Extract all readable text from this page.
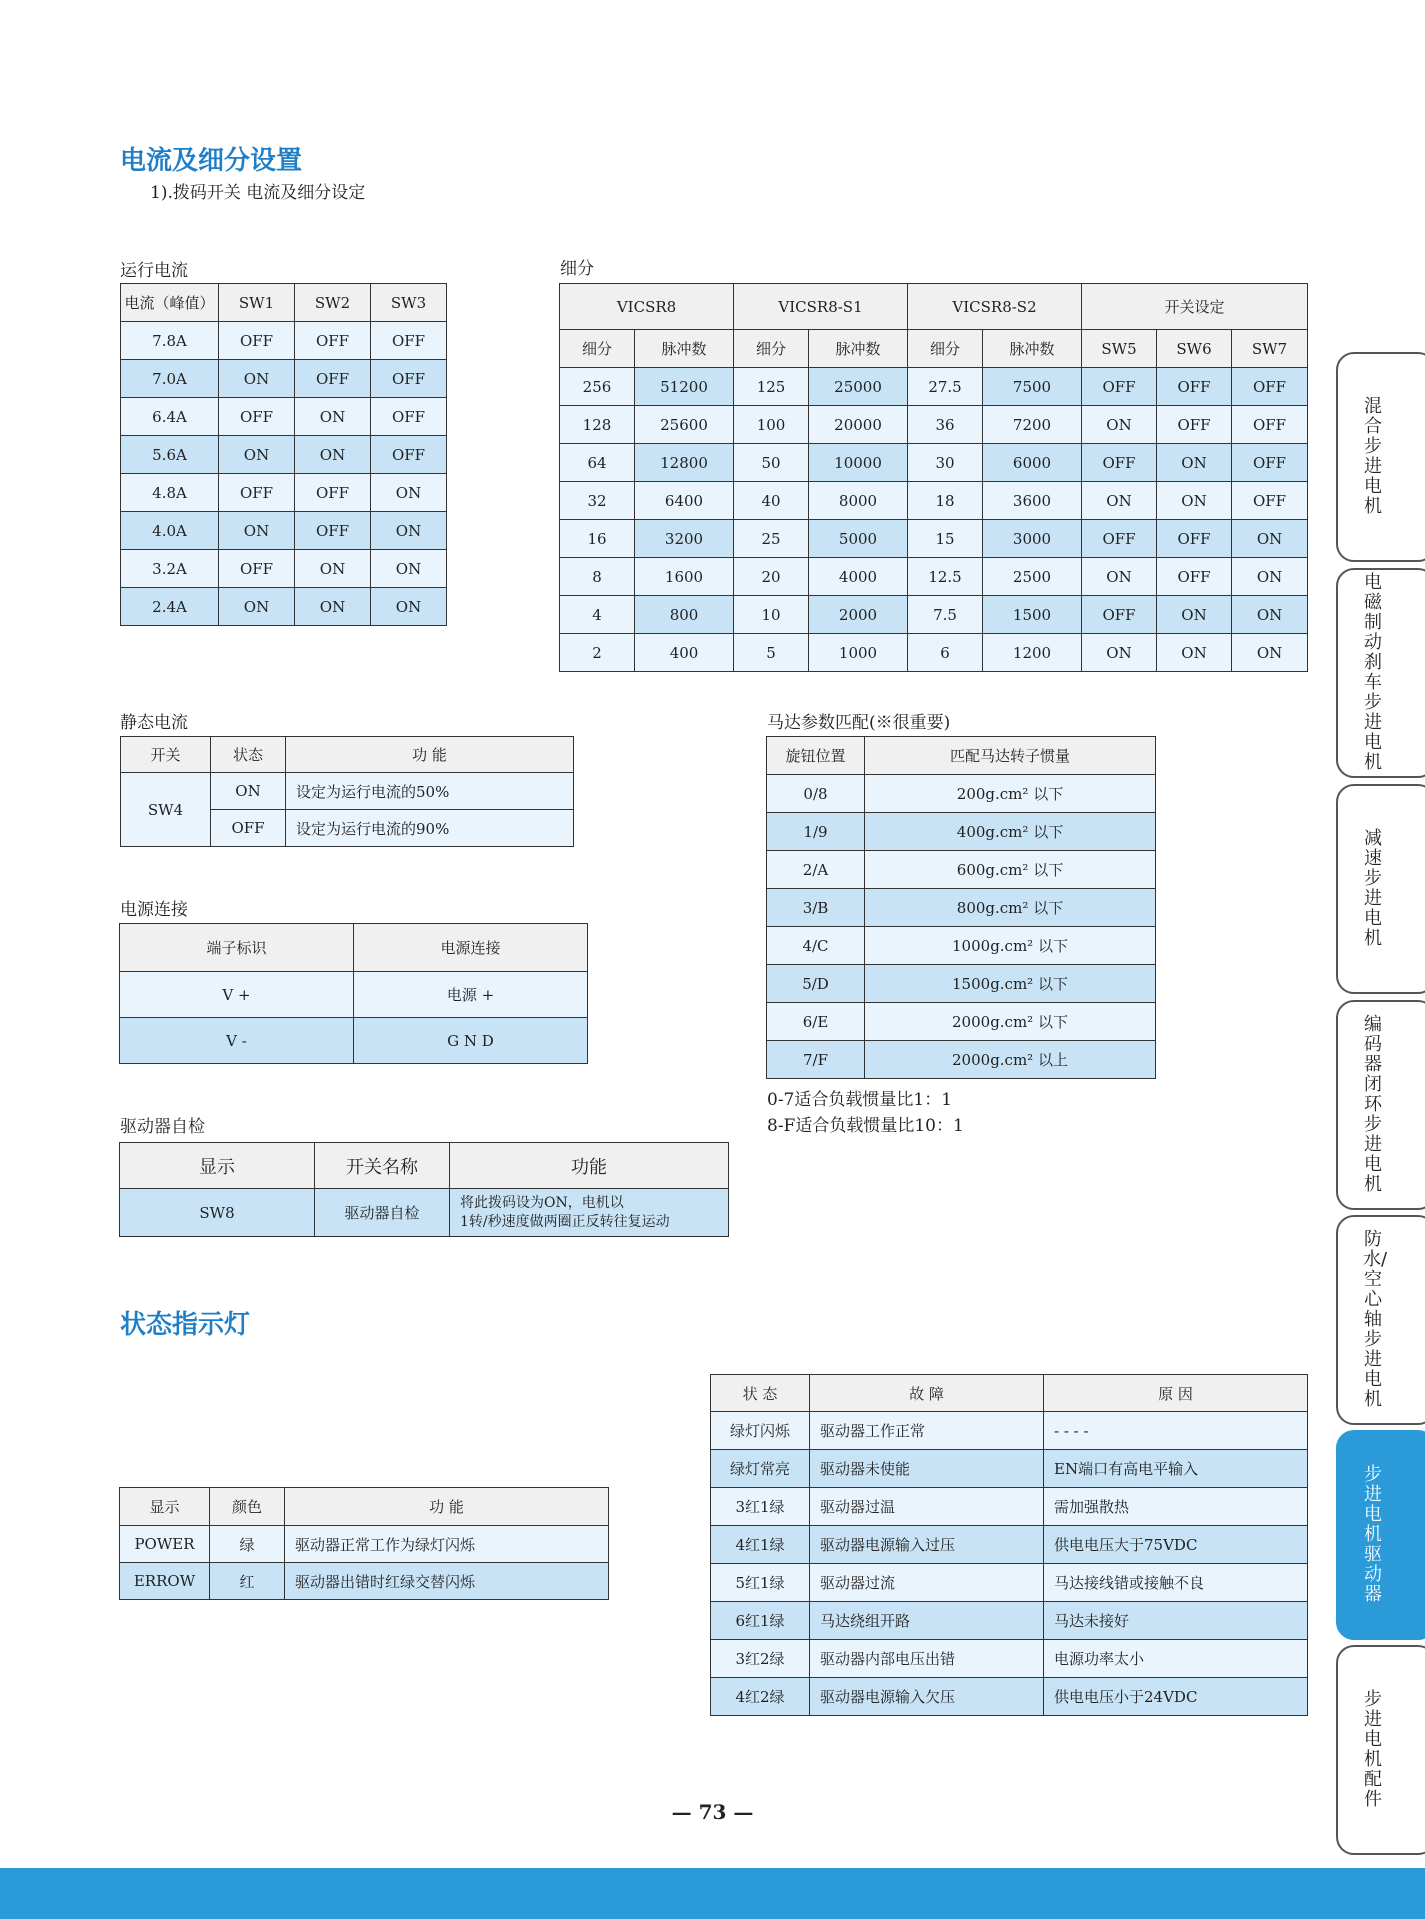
电流及细分设置
1).拨码开关 电流及细分设定
运行电流
电流（峰值）	SW1	SW2	SW3
7.8A	OFF	OFF	OFF
7.0A	ON	OFF	OFF
6.4A	OFF	ON	OFF
5.6A	ON	ON	OFF
4.8A	OFF	OFF	ON
4.0A	ON	OFF	ON
3.2A	OFF	ON	ON
2.4A	ON	ON	ON
细分
VICSR8		VICSR8-S1		VICSR8-S2		开关设定		
细分	脉冲数	细分	脉冲数	细分	脉冲数	SW5	SW6	SW7
256	51200	125	25000	27.5	7500	OFF	OFF	OFF
128	25600	100	20000	36	7200	ON	OFF	OFF
64	12800	50	10000	30	6000	OFF	ON	OFF
32	6400	40	8000	18	3600	ON	ON	OFF
16	3200	25	5000	15	3000	OFF	OFF	ON
8	1600	20	4000	12.5	2500	ON	OFF	ON
4	800	10	2000	7.5	1500	OFF	ON	ON
2	400	5	1000	6	1200	ON	ON	ON
静态电流
开关	状态	功 能
SW4	ON	设定为运行电流的50%
	OFF	设定为运行电流的90%
电源连接
端子标识	电源连接
V +	电源 +
V -	G N D
驱动器自检
显示	开关名称	功能
SW8	驱动器自检	将此拨码设为ON，电机以
1转/秒速度做两圈正反转往复运动
马达参数匹配(※很重要)
旋钮位置	匹配马达转子惯量
0/8	200g.cm² 以下
1/9	400g.cm² 以下
2/A	600g.cm² 以下
3/B	800g.cm² 以下
4/C	1000g.cm² 以下
5/D	1500g.cm² 以下
6/E	2000g.cm² 以下
7/F	2000g.cm² 以上
0-7适合负载惯量比1：1
8-F适合负载惯量比10：1
状态指示灯
显示	颜色	功 能
POWER	绿	驱动器正常工作为绿灯闪烁
ERROW	红	驱动器出错时红绿交替闪烁
状 态	故 障	原 因
绿灯闪烁	驱动器工作正常	- - - -
绿灯常亮	驱动器未使能	EN端口有高电平输入
3红1绿	驱动器过温	需加强散热
4红1绿	驱动器电源输入过压	供电电压大于75VDC
5红1绿	驱动器过流	马达接线错或接触不良
6红1绿	马达绕组开路	马达未接好
3红2绿	驱动器内部电压出错	电源功率太小
4红2绿	驱动器电源输入欠压	供电电压小于24VDC
— 73 —
混合步进电机
电磁制动刹车步进电机
减速步进电机
编码器闭环步进电机
防水/空心轴步进电机
步进电机驱动器
步进电机配件
